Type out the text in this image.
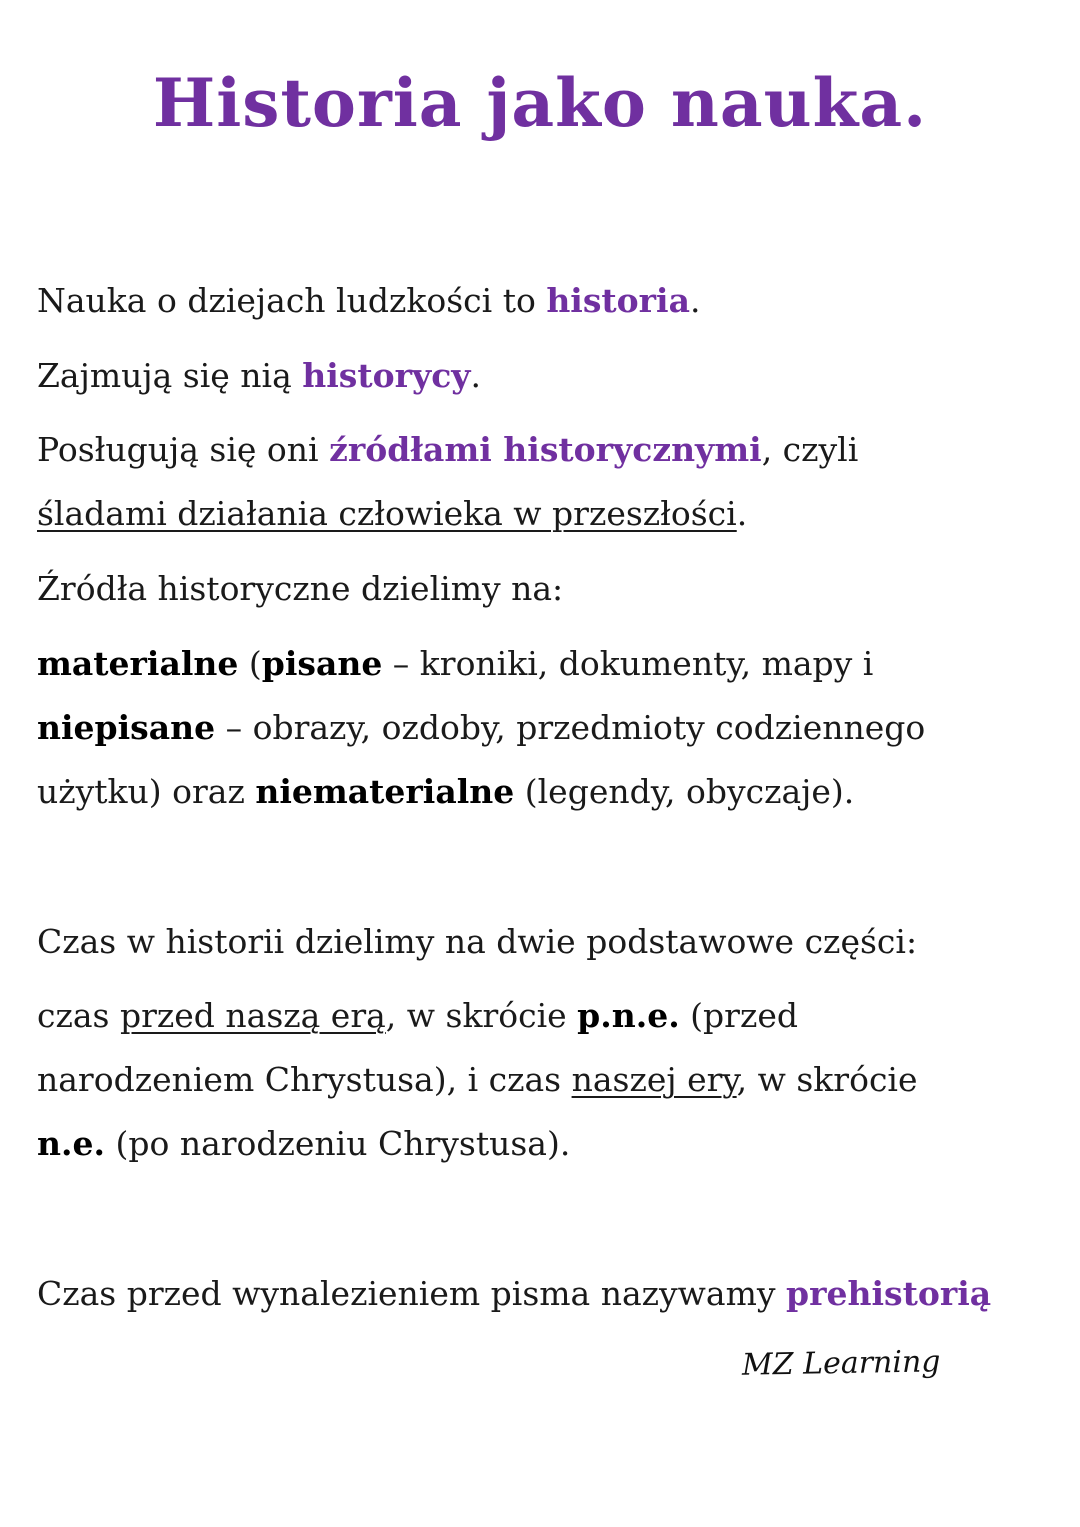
Historia jako nauka.
Nauka o dziejach ludzkości to historia.
Zajmują się nią historycy.
Posługują się oni źródłami historycznymi, czyli
śladami działania człowieka w przeszłości.
Źródła historyczne dzielimy na:
materialne (pisane – kroniki, dokumenty, mapy i
niepisane – obrazy, ozdoby, przedmioty codziennego
użytku) oraz niematerialne (legendy, obyczaje).
Czas w historii dzielimy na dwie podstawowe części:
czas przed naszą erą, w skrócie p.n.e. (przed
narodzeniem Chrystusa), i czas naszej ery, w skrócie
n.e. (po narodzeniu Chrystusa).
Czas przed wynalezieniem pisma nazywamy prehistorią
MZ Learning
